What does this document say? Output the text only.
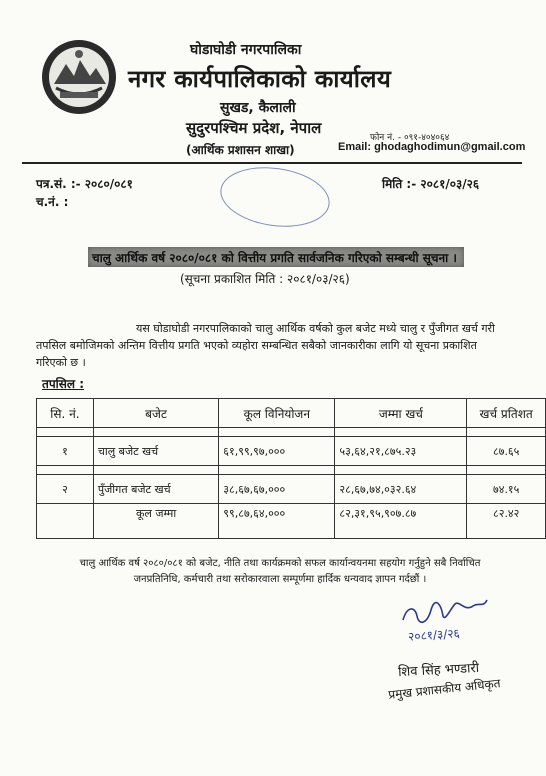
घोडाघोडी नगरपालिका
नगर कार्यपालिकाको कार्यालय
सुखड, कैलाली
सुदुरपश्चिम प्रदेश, नेपाल
(आर्थिक प्रशासन शाखा)
फोन नं. - ०९१-४०४०६४
Email: ghodaghodimun@gmail.com
पत्र.सं. :- २०८०/०८१
च.नं. :
मिति :- २०८१/०३/२६
चालु आर्थिक वर्ष २०८०/०८१ को वित्तीय प्रगति सार्वजनिक गरिएको सम्बन्धी सूचना ।
(सूचना प्रकाशित मिति : २०८१/०३/२६)
यस घोडाघोडी नगरपालिकाको चालु आर्थिक वर्षको कुल बजेट मध्ये चालु र पुँजीगत खर्च गरी तपसिल बमोजिमको अन्तिम वित्तीय प्रगति भएको व्यहोरा सम्बन्धित सबैको जानकारीका लागि यो सूचना प्रकाशित गरिएको छ ।
तपसिल :
सि. नं.	बजेट	कूल विनियोजन	जम्मा खर्च	खर्च प्रतिशत

१	चालु बजेट खर्च	६१,९९,९७,०००	५३,६४,२१,८७५.२३	८७.६५

२	पुँजीगत बजेट खर्च	३८,६७,६७,०००	२८,६७,७४,०३२.६४	७४.१५
	कूल जम्मा	९९,८७,६४,०००	८२,३१,९५,९०७.८७	८२.४२
चालु आर्थिक वर्ष २०८०/०८१ को बजेट, नीति तथा कार्यक्रमको सफल कार्यान्वयनमा सहयोग गर्नुहुने सबै निर्वाचित जनप्रतिनिधि, कर्मचारी तथा सरोकारवाला सम्पूर्णमा हार्दिक धन्यवाद ज्ञापन गर्दछौं ।
२०८१/३/२६
शिव सिंह भण्डारी
प्रमुख प्रशासकीय अधिकृत
